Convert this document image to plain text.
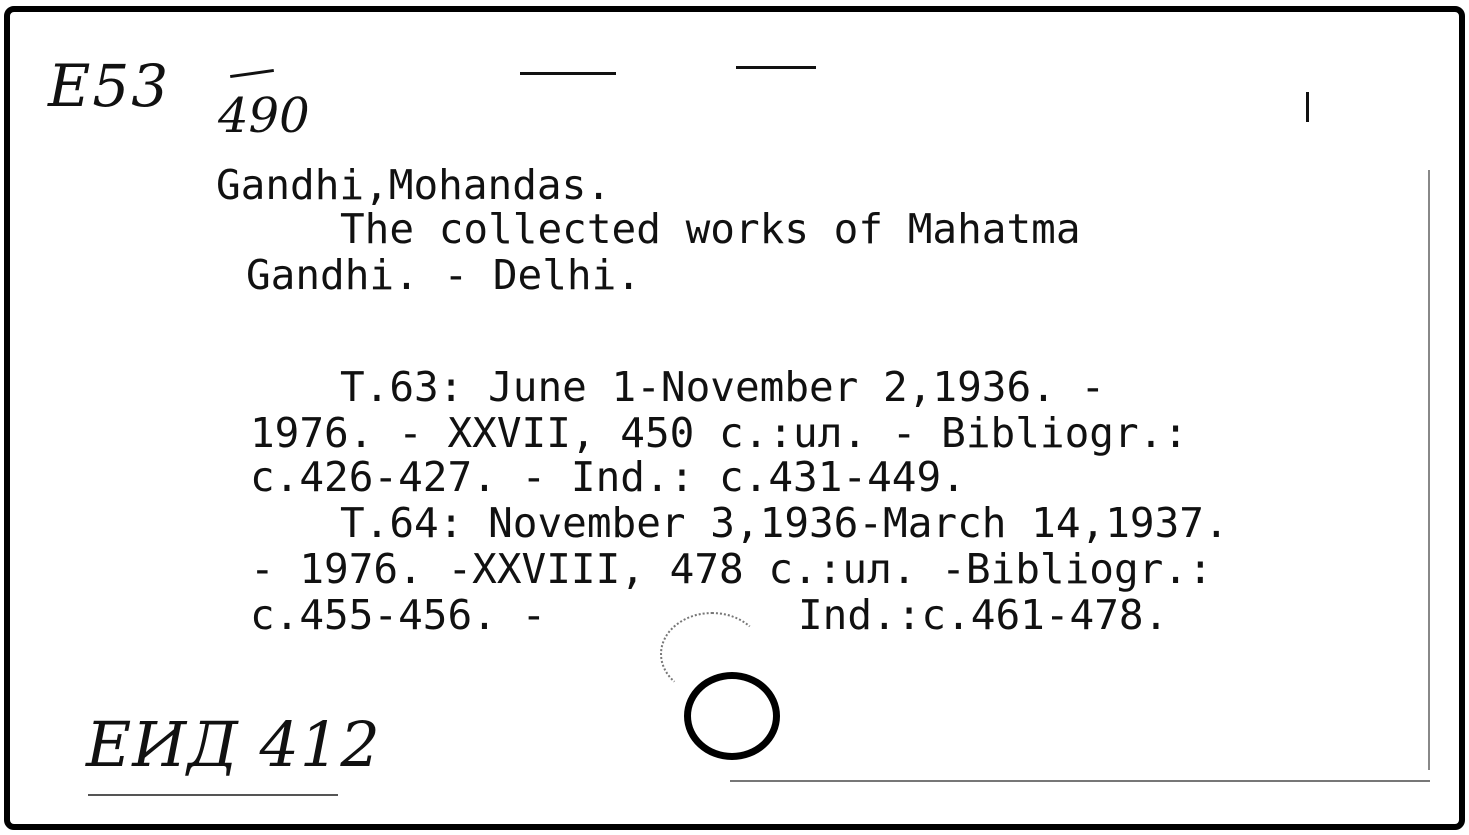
E53 490

Gandhi,Mohandas.

The collected works of Mahatma

Gandhi. - Delhi.

T.63: June 1-November 2,1936. -

1976. - XXVII, 450 c.:uл. - Bibliogr.:

c.426-427. - Ind.: c.431-449.

T.64: November 3,1936-March 14,1937.

- 1976. -XXVIII, 478 c.:uл. -Bibliogr.:

c.455-456. -	Ind.:c.461-478.

ЕИД 412
